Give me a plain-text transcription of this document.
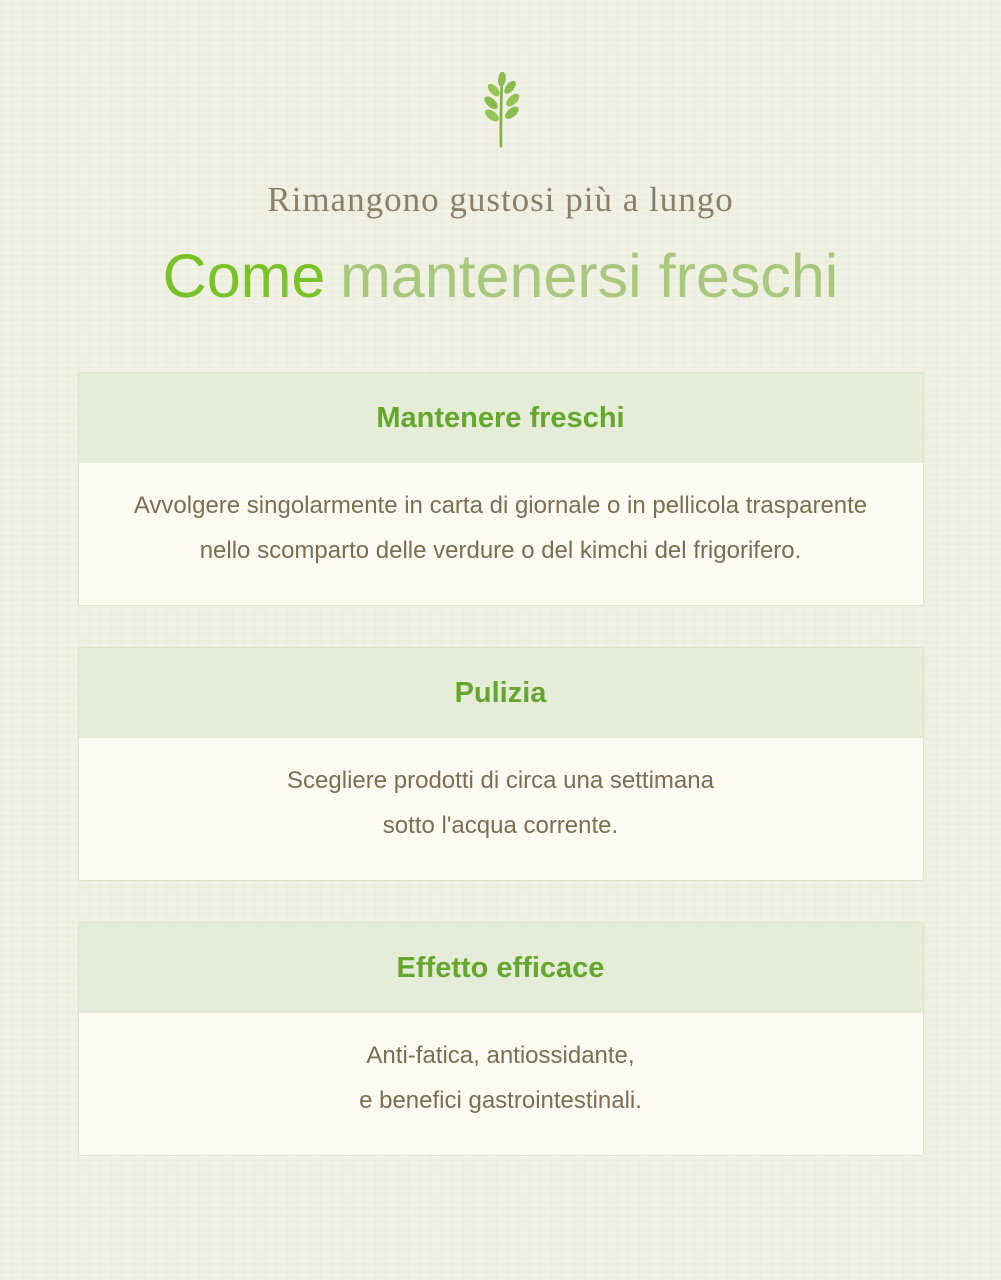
Rimangono gustosi più a lungo
Come mantenersi freschi
Mantenere freschi

Avvolgere singolarmente in carta di giornale o in pellicola trasparente

nello scomparto delle verdure o del kimchi del frigorifero.

Pulizia

Scegliere prodotti di circa una settimana

sotto l'acqua corrente.

Effetto efficace

Anti-fatica, antiossidante,

e benefici gastrointestinali.
